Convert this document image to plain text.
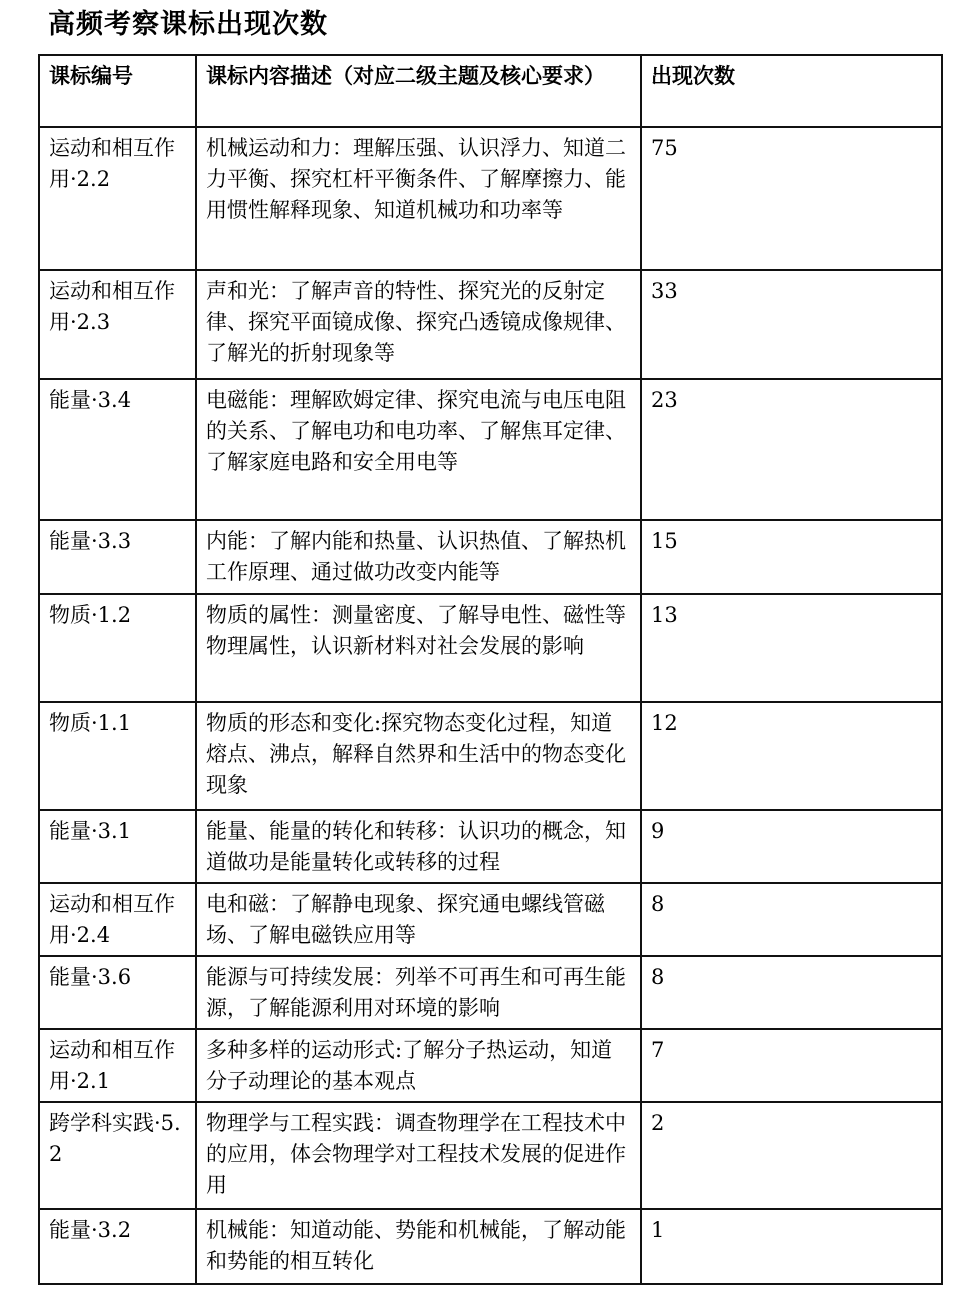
高频考察课标出现次数
课标编号	课标内容描述（对应二级主题及核心要求）	出现次数
运动和相互作用·2.2	机械运动和力：理解压强、认识浮力、知道二力平衡、探究杠杆平衡条件、了解摩擦力、能用惯性解释现象、知道机械功和功率等	75
运动和相互作用·2.3	声和光：了解声音的特性、探究光的反射定律、探究平面镜成像、探究凸透镜成像规律、了解光的折射现象等	33
能量·3.4	电磁能：理解欧姆定律、探究电流与电压电阻的关系、了解电功和电功率、了解焦耳定律、了解家庭电路和安全用电等	23
能量·3.3	内能：了解内能和热量、认识热值、了解热机工作原理、通过做功改变内能等	15
物质·1.2	物质的属性：测量密度、了解导电性、磁性等物理属性，认识新材料对社会发展的影响	13
物质·1.1	物质的形态和变化:探究物态变化过程，知道熔点、沸点，解释自然界和生活中的物态变化现象	12
能量·3.1	能量、能量的转化和转移：认识功的概念，知道做功是能量转化或转移的过程	9
运动和相互作用·2.4	电和磁：了解静电现象、探究通电螺线管磁场、了解电磁铁应用等	8
能量·3.6	能源与可持续发展：列举不可再生和可再生能源，了解能源利用对环境的影响	8
运动和相互作用·2.1	多种多样的运动形式:了解分子热运动，知道分子动理论的基本观点	7
跨学科实践·5.2	物理学与工程实践：调查物理学在工程技术中的应用，体会物理学对工程技术发展的促进作用	2
能量·3.2	机械能：知道动能、势能和机械能，了解动能和势能的相互转化	1
